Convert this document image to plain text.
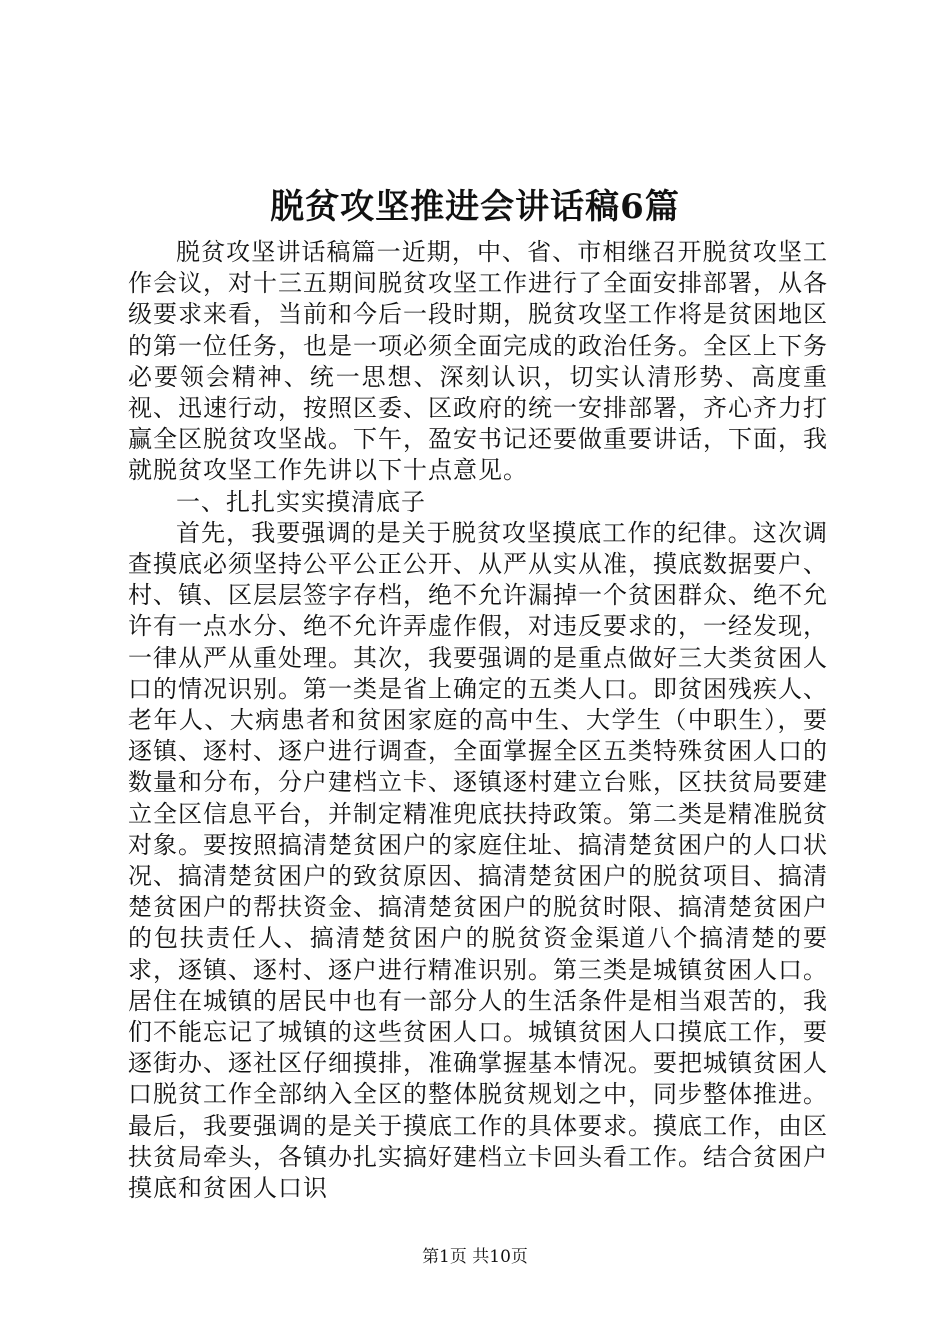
脱贫攻坚推进会讲话稿6篇

脱贫攻坚讲话稿篇一近期，中、省、市相继召开脱贫攻坚工作会议，对十三五期间脱贫攻坚工作进行了全面安排部署，从各级要求来看，当前和今后一段时期，脱贫攻坚工作将是贫困地区的第一位任务，也是一项必须全面完成的政治任务。全区上下务必要领会精神、统一思想、深刻认识，切实认清形势、高度重视、迅速行动，按照区委、区政府的统一安排部署，齐心齐力打赢全区脱贫攻坚战。下午，盈安书记还要做重要讲话，下面，我就脱贫攻坚工作先讲以下十点意见。

一、扎扎实实摸清底子

首先，我要强调的是关于脱贫攻坚摸底工作的纪律。这次调查摸底必须坚持公平公正公开、从严从实从准，摸底数据要户、村、镇、区层层签字存档，绝不允许漏掉一个贫困群众、绝不允许有一点水分、绝不允许弄虚作假，对违反要求的，一经发现，一律从严从重处理。其次，我要强调的是重点做好三大类贫困人口的情况识别。第一类是省上确定的五类人口。即贫困残疾人、老年人、大病患者和贫困家庭的高中生、大学生（中职生），要逐镇、逐村、逐户进行调查，全面掌握全区五类特殊贫困人口的数量和分布，分户建档立卡、逐镇逐村建立台账，区扶贫局要建立全区信息平台，并制定精准兜底扶持政策。第二类是精准脱贫对象。要按照搞清楚贫困户的家庭住址、搞清楚贫困户的人口状况、搞清楚贫困户的致贫原因、搞清楚贫困户的脱贫项目、搞清楚贫困户的帮扶资金、搞清楚贫困户的脱贫时限、搞清楚贫困户的包扶责任人、搞清楚贫困户的脱贫资金渠道八个搞清楚的要求，逐镇、逐村、逐户进行精准识别。第三类是城镇贫困人口。居住在城镇的居民中也有一部分人的生活条件是相当艰苦的，我们不能忘记了城镇的这些贫困人口。城镇贫困人口摸底工作，要逐街办、逐社区仔细摸排，准确掌握基本情况。要把城镇贫困人口脱贫工作全部纳入全区的整体脱贫规划之中，同步整体推进。最后，我要强调的是关于摸底工作的具体要求。摸底工作，由区扶贫局牵头，各镇办扎实搞好建档立卡回头看工作。结合贫困户摸底和贫困人口识

第1页 共10页
